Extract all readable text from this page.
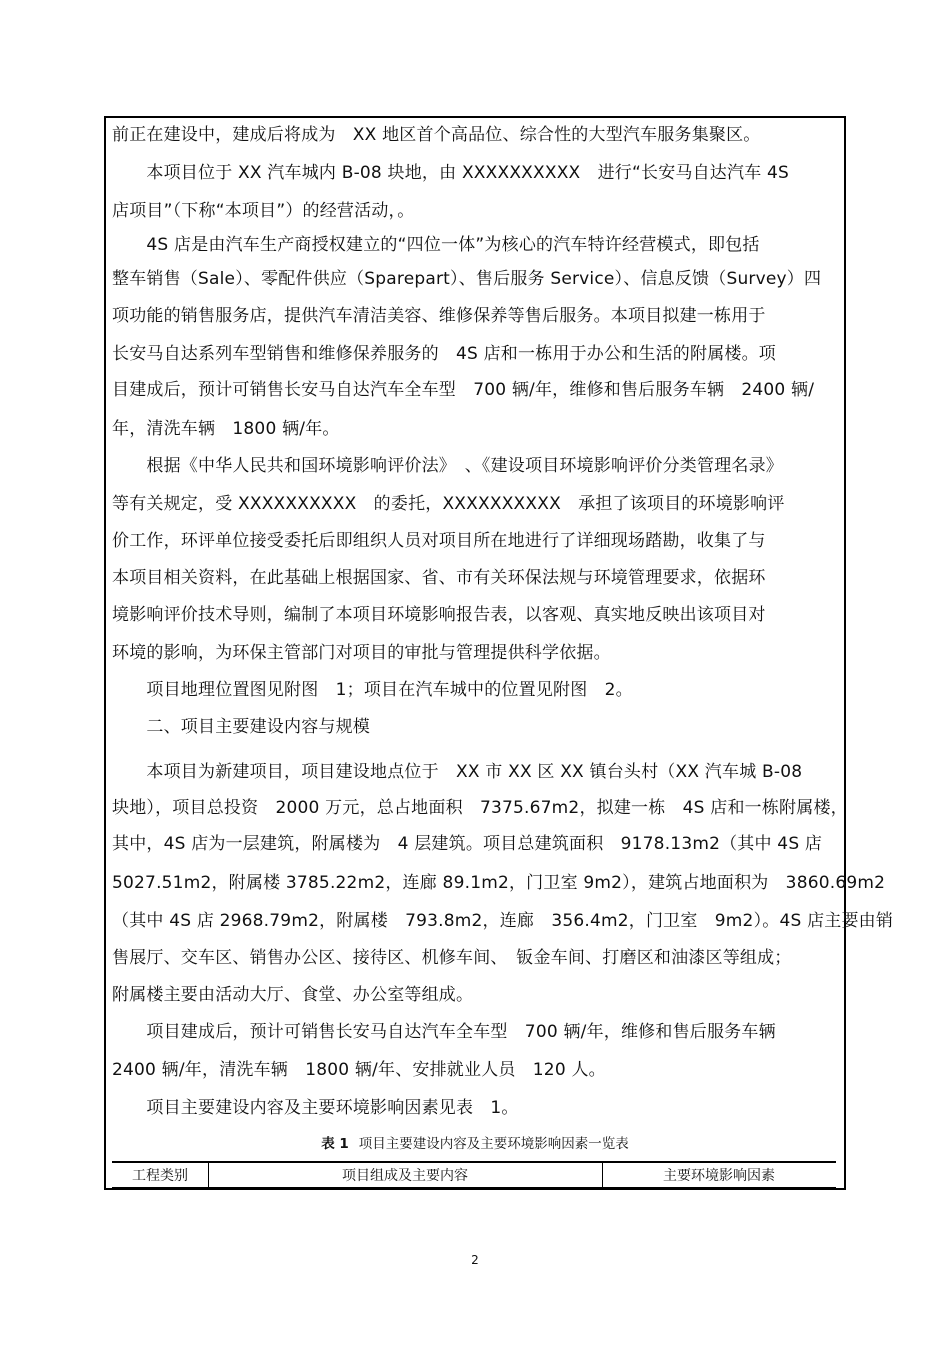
前正在建设中，建成后将成为　XX 地区首个高品位、综合性的大型汽车服务集聚区。
　　本项目位于 XX 汽车城内 B-08 块地，由 XXXXXXXXXX　进行“长安马自达汽车 4S
店项目”（下称“本项目”）的经营活动，。
　　4S 店是由汽车生产商授权建立的“四位一体”为核心的汽车特许经营模式，即包括
整车销售（Sale）、零配件供应（Sparepart）、售后服务 Service）、信息反馈（Survey）四
项功能的销售服务店，提供汽车清洁美容、维修保养等售后服务。本项目拟建一栋用于
长安马自达系列车型销售和维修保养服务的　4S 店和一栋用于办公和生活的附属楼。项
目建成后，预计可销售长安马自达汽车全车型　700 辆/年，维修和售后服务车辆　2400 辆/
年，清洗车辆　1800 辆/年。
　　根据《中华人民共和国环境影响评价法》　、《建设项目环境影响评价分类管理名录》
等有关规定，受 XXXXXXXXXX　的委托，XXXXXXXXXX　承担了该项目的环境影响评
价工作，环评单位接受委托后即组织人员对项目所在地进行了详细现场踏勘，收集了与
本项目相关资料，在此基础上根据国家、省、市有关环保法规与环境管理要求，依据环
境影响评价技术导则，编制了本项目环境影响报告表，以客观、真实地反映出该项目对
环境的影响，为环保主管部门对项目的审批与管理提供科学依据。
　　项目地理位置图见附图　1；项目在汽车城中的位置见附图　2。
　　二、项目主要建设内容与规模
　　本项目为新建项目，项目建设地点位于　XX 市 XX 区 XX 镇台头村（XX 汽车城 B-08
块地），项目总投资　2000 万元，总占地面积　7375.67m2，拟建一栋　4S 店和一栋附属楼，
其中，4S 店为一层建筑，附属楼为　4 层建筑。项目总建筑面积　9178.13m2（其中 4S 店
5027.51m2，附属楼 3785.22m2，连廊 89.1m2，门卫室 9m2），建筑占地面积为　3860.69m2
（其中 4S 店 2968.79m2，附属楼　793.8m2，连廊　356.4m2，门卫室　9m2）。4S 店主要由销
售展厅、交车区、销售办公区、接待区、机修车间、　钣金车间、打磨区和油漆区等组成；
附属楼主要由活动大厅、食堂、办公室等组成。
　　项目建成后，预计可销售长安马自达汽车全车型　700 辆/年，维修和售后服务车辆
2400 辆/年，清洗车辆　1800 辆/年、安排就业人员　120 人。
　　项目主要建设内容及主要环境影响因素见表　1。
表 1 项目主要建设内容及主要环境影响因素一览表
工程类别	项目组成及主要内容	主要环境影响因素
2
